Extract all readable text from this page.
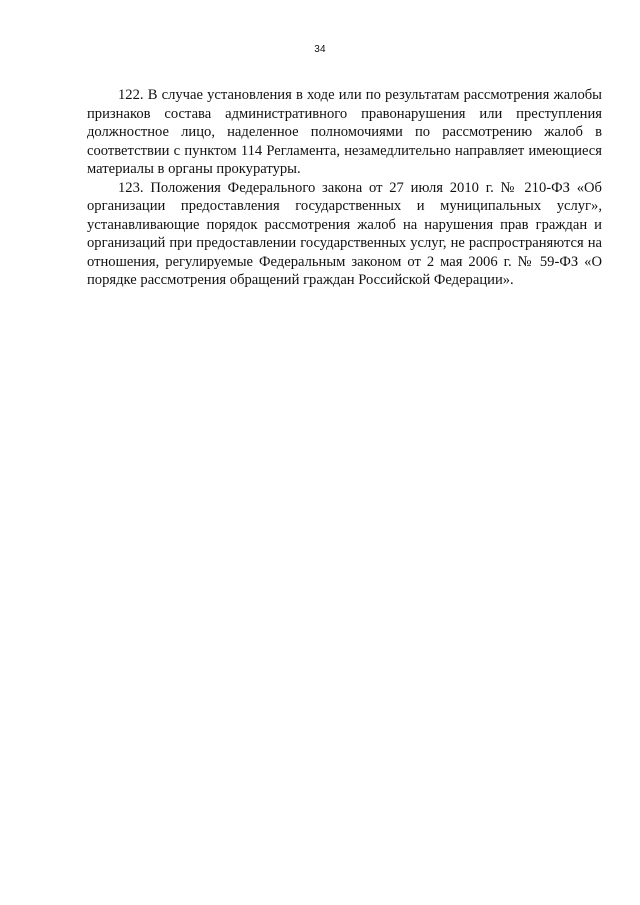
34

122. В случае установления в ходе или по результатам рассмотрения жалобы признаков состава административного правонарушения или преступления должностное лицо, наделенное полномочиями по рассмотрению жалоб в соответствии с пунктом 114 Регламента, незамедлительно направляет имеющиеся материалы в органы прокуратуры.

123. Положения Федерального закона от 27 июля 2010 г. № 210-ФЗ «Об организации предоставления государственных и муниципальных услуг», устанавливающие порядок рассмотрения жалоб на нарушения прав граждан и организаций при предоставлении государственных услуг, не распространяются на отношения, регулируемые Федеральным законом от 2 мая 2006 г. № 59-ФЗ «О порядке рассмотрения обращений граждан Российской Федерации».
